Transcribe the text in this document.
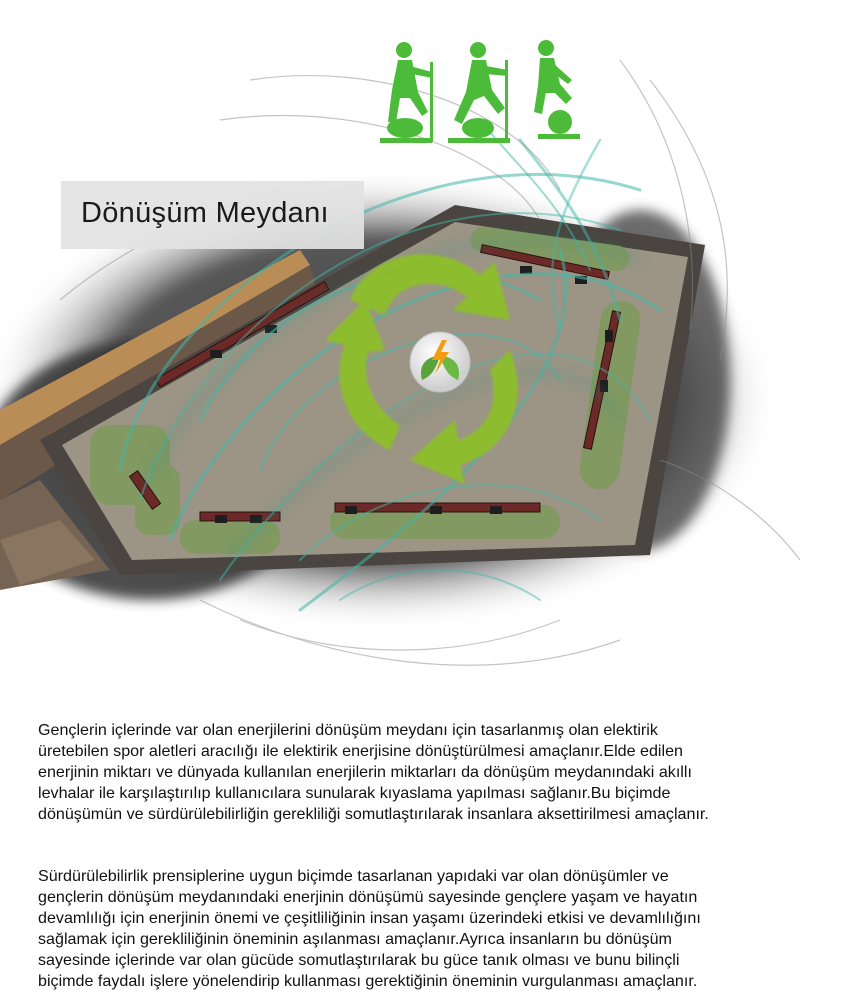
Dönüşüm Meydanı

Gençlerin içlerinde var olan enerjilerini dönüşüm meydanı için tasarlanmış olan elektirik
üretebilen spor aletleri aracılığı ile elektirik enerjisine dönüştürülmesi amaçlanır.Elde edilen
enerjinin miktarı ve dünyada kullanılan enerjilerin miktarları da dönüşüm meydanındaki akıllı
levhalar ile karşılaştırılıp kullanıcılara sunularak kıyaslama yapılması sağlanır.Bu biçimde
dönüşümün ve sürdürülebilirliğin gerekliliği somutlaştırılarak insanlara aksettirilmesi amaçlanır.

Sürdürülebilirlik prensiplerine uygun biçimde tasarlanan yapıdaki var olan dönüşümler ve
gençlerin dönüşüm meydanındaki enerjinin dönüşümü sayesinde gençlere yaşam ve hayatın
devamlılığı için enerjinin önemi ve çeşitliliğinin insan yaşamı üzerindeki etkisi ve devamlılığını
sağlamak için gerekliliğinin öneminin aşılanması amaçlanır.Ayrıca insanların bu dönüşüm
sayesinde içlerinde var olan gücüde somutlaştırılarak bu güce tanık olması ve bunu bilinçli
biçimde faydalı işlere yönelendirip kullanması gerektiğinin öneminin vurgulanması amaçlanır.
